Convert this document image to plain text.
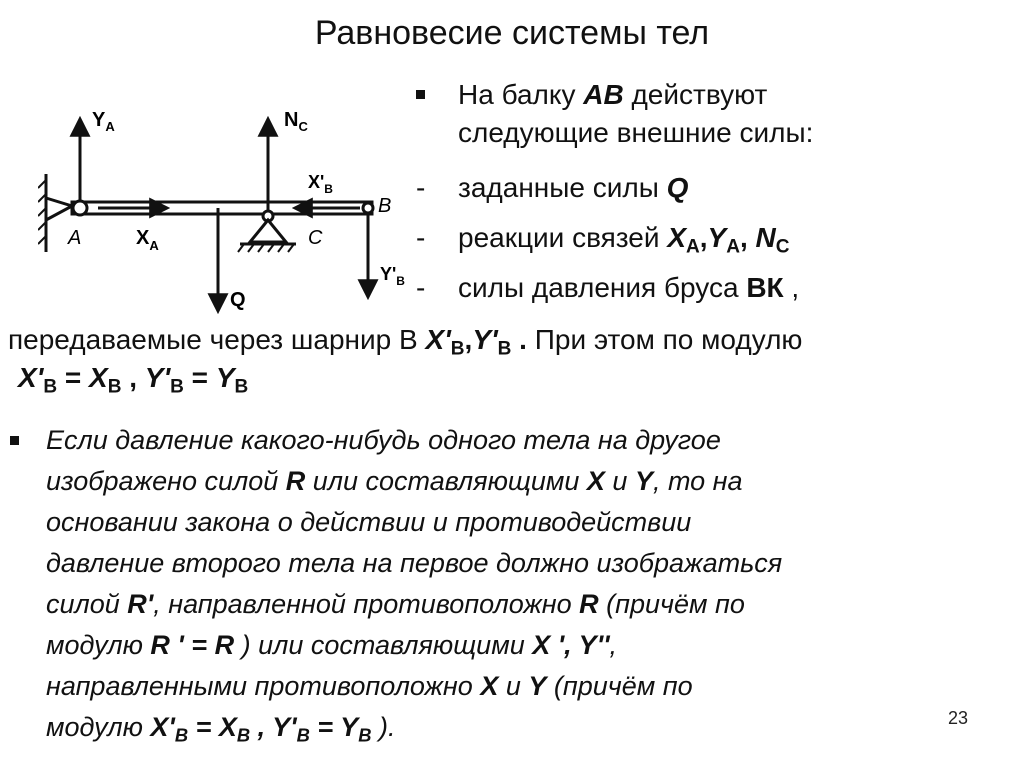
Равновесие системы тел
$Y_A$	$N_C$
$X'_B$
B
A	$X_A$	C
$Y'_B$
Q
На балку AB действуют
следующие внешние силы:
-	заданные силы Q
-	реакции связей $X_A,Y_A$, $N_C$
-	силы давления бруса ВК ,
передаваемые через шарнир В $X'_B,Y'_B$ . При этом по модулю
$X'_B = X_B$ , $Y'_B = Y_B$
Если давление какого-нибудь одного тела на другое
изображено силой R или составляющими X и Y, то на
основании закона о действии и противодействии
давление второго тела на первое должно изображаться
силой R', направленной противоположно R (причём по
модулю R ' = R ) или составляющими X ', Y'',
направленными противоположно X и Y (причём по
модулю $X'_B = X_B$ , $Y'_B = Y_B$ ).	23
